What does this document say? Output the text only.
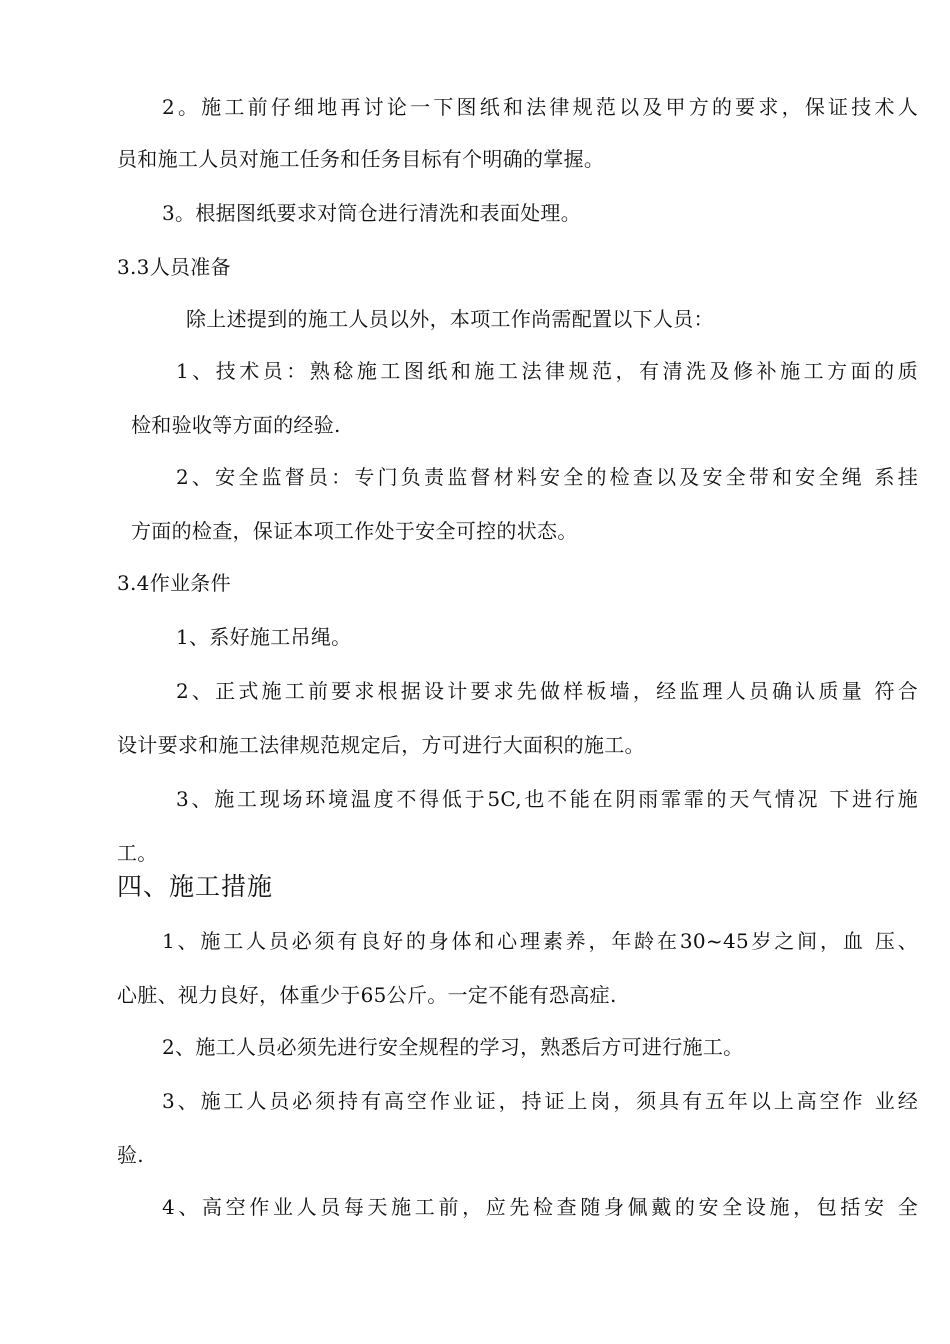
2。施工前仔细地再讨论一下图纸和法律规范以及甲方的要求，保证技术人
员和施工人员对施工任务和任务目标有个明确的掌握。
3。根据图纸要求对筒仓进行清洗和表面处理。
3.3人员准备
除上述提到的施工人员以外，本项工作尚需配置以下人员：
1、技术员：熟稔施工图纸和施工法律规范，有清洗及修补施工方面的质
检和验收等方面的经验.
2、安全监督员：专门负责监督材料安全的检查以及安全带和安全绳 系挂
方面的检查，保证本项工作处于安全可控的状态。
3.4作业条件
1、系好施工吊绳。
2、正式施工前要求根据设计要求先做样板墙，经监理人员确认质量 符合
设计要求和施工法律规范规定后，方可进行大面积的施工。
3、施工现场环境温度不得低于5C,也不能在阴雨霏霏的天气情况 下进行施
工。
四、施工措施
1、施工人员必须有良好的身体和心理素养，年龄在30~45岁之间，血 压、
心脏、视力良好，体重少于65公斤。一定不能有恐高症.
2、施工人员必须先进行安全规程的学习，熟悉后方可进行施工。
3、施工人员必须持有高空作业证，持证上岗，须具有五年以上高空作 业经
验.
4、高空作业人员每天施工前，应先检查随身佩戴的安全设施，包括安 全
